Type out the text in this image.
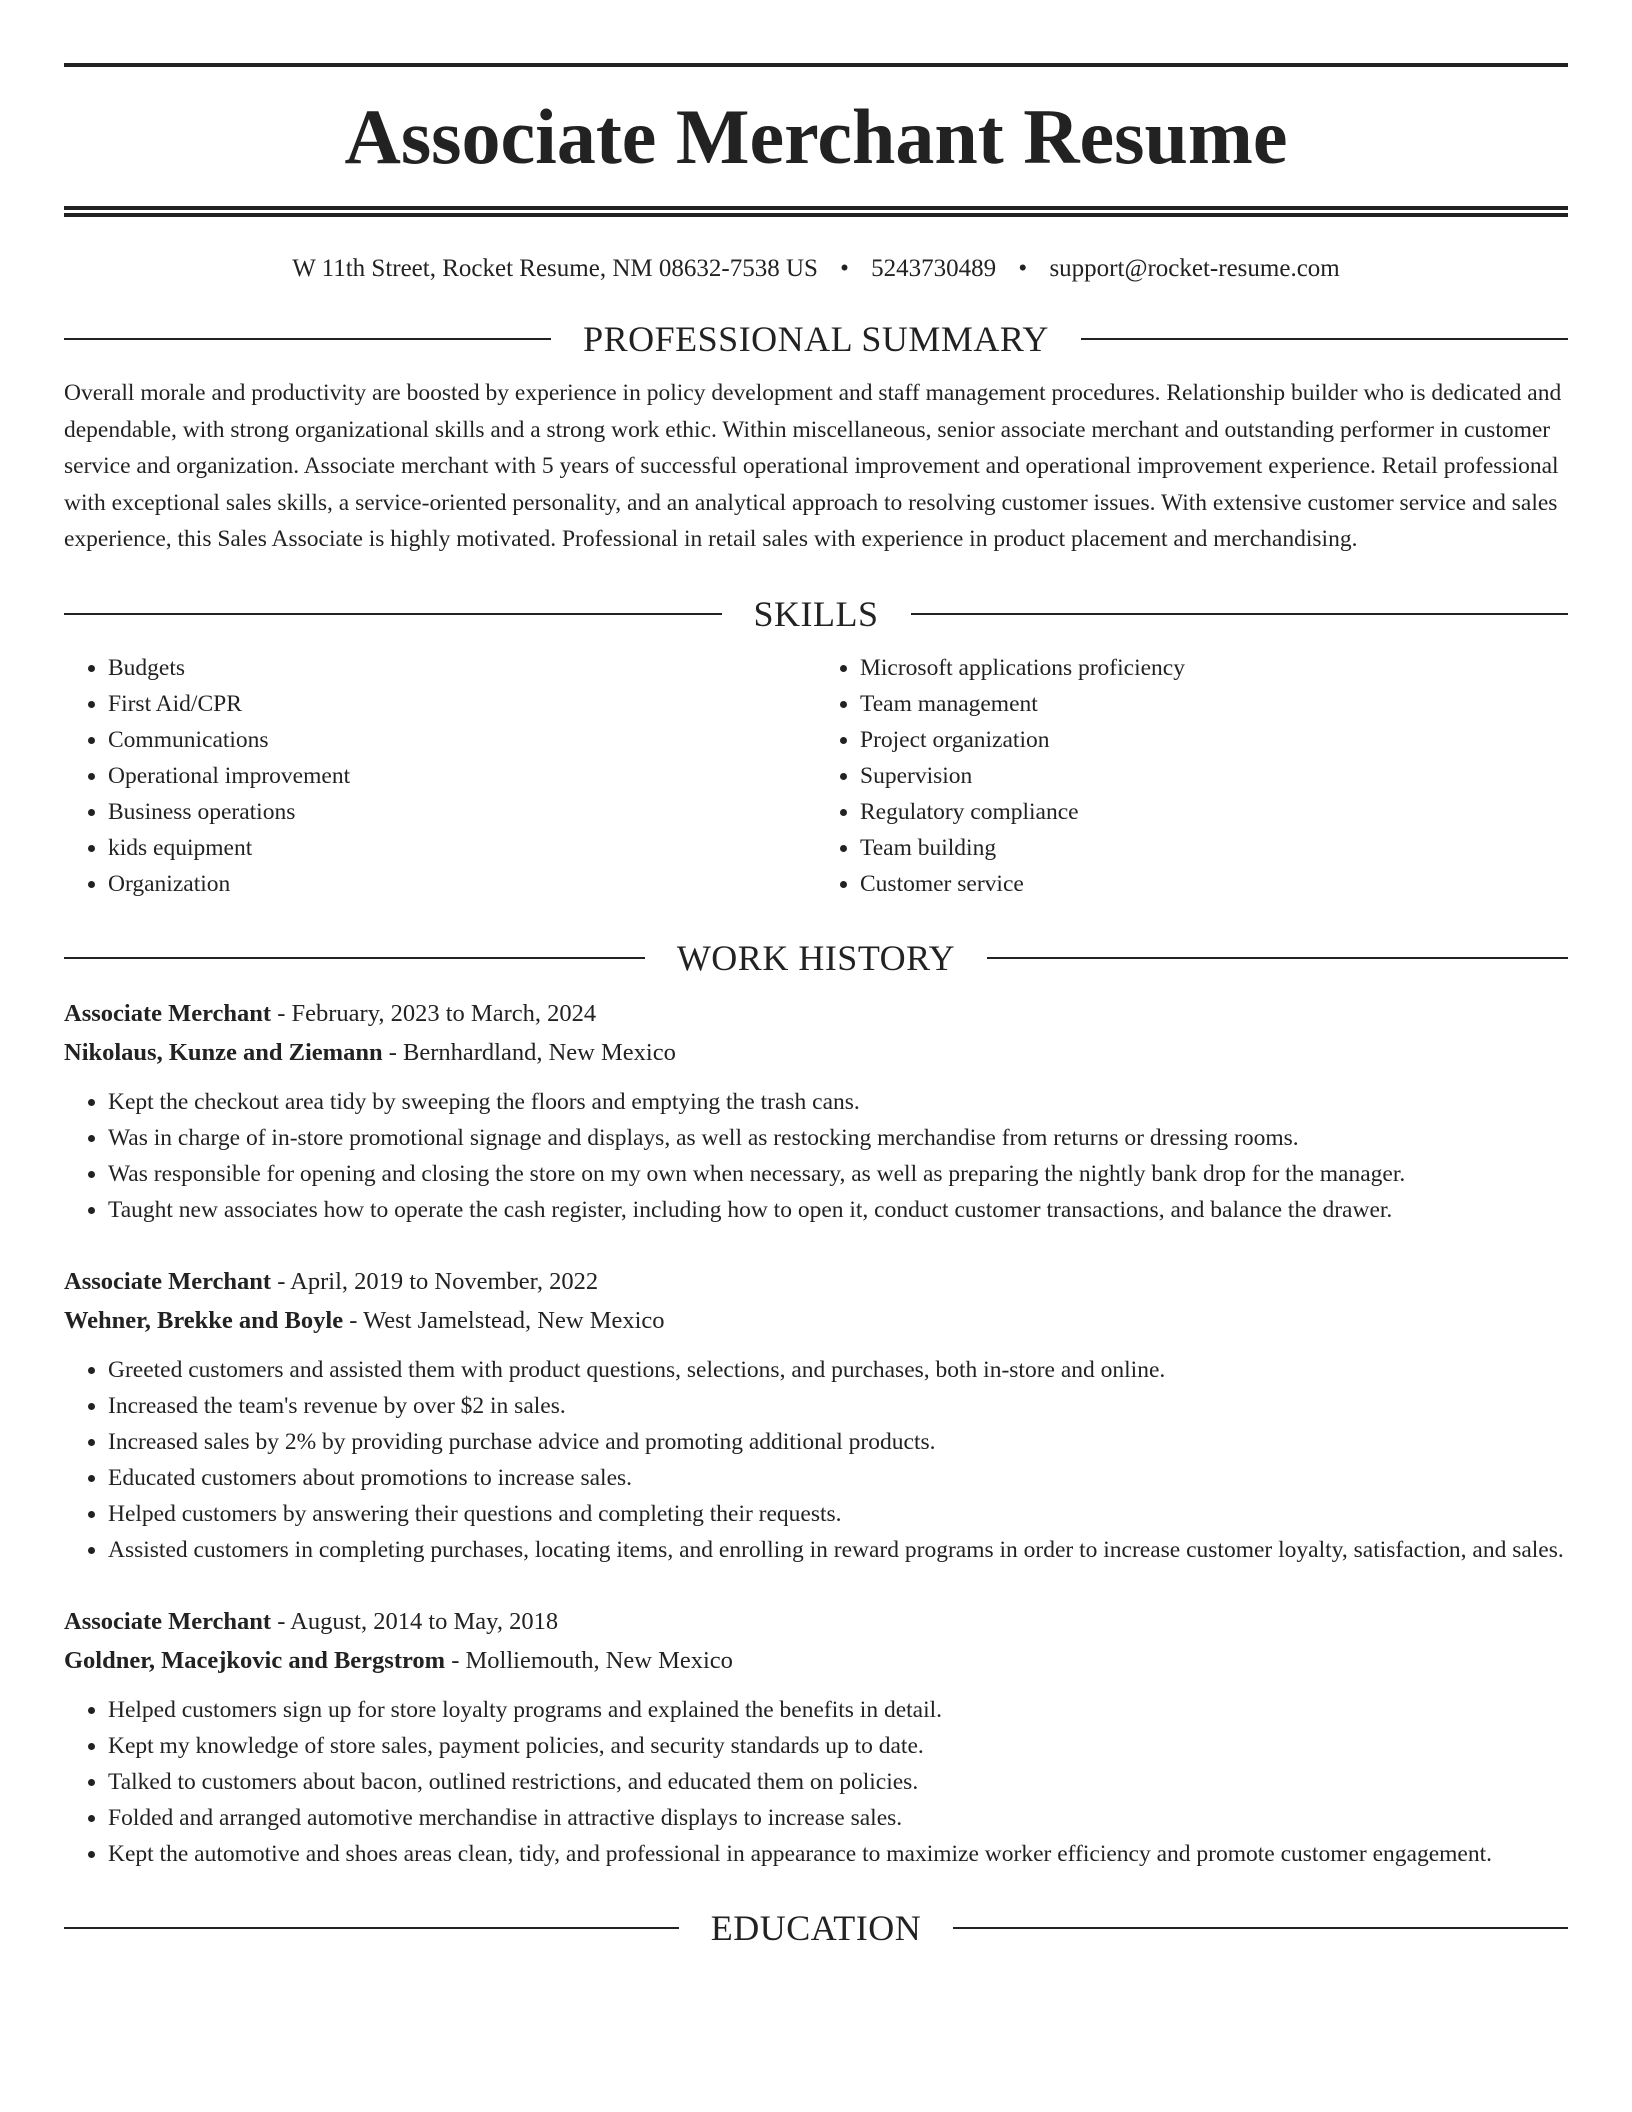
Associate Merchant Resume
W 11th Street, Rocket Resume, NM 08632-7538 US • 5243730489 • support@rocket-resume.com
PROFESSIONAL SUMMARY

Overall morale and productivity are boosted by experience in policy development and staff management procedures. Relationship builder who is dedicated and dependable, with strong organizational skills and a strong work ethic. Within miscellaneous, senior associate merchant and outstanding performer in customer service and organization. Associate merchant with 5 years of successful operational improvement and operational improvement experience. Retail professional with exceptional sales skills, a service-oriented personality, and an analytical approach to resolving customer issues. With extensive customer service and sales experience, this Sales Associate is highly motivated. Professional in retail sales with experience in product placement and merchandising.

SKILLS
• Budgets
• First Aid/CPR
• Communications
• Operational improvement
• Business operations
• kids equipment
• Organization
• Microsoft applications proficiency
• Team management
• Project organization
• Supervision
• Regulatory compliance
• Team building
• Customer service
WORK HISTORY
Associate Merchant - February, 2023 to March, 2024
Nikolaus, Kunze and Ziemann - Bernhardland, New Mexico
• Kept the checkout area tidy by sweeping the floors and emptying the trash cans.
• Was in charge of in-store promotional signage and displays, as well as restocking merchandise from returns or dressing rooms.
• Was responsible for opening and closing the store on my own when necessary, as well as preparing the nightly bank drop for the manager.
• Taught new associates how to operate the cash register, including how to open it, conduct customer transactions, and balance the drawer.
Associate Merchant - April, 2019 to November, 2022
Wehner, Brekke and Boyle - West Jamelstead, New Mexico
• Greeted customers and assisted them with product questions, selections, and purchases, both in-store and online.
• Increased the team's revenue by over $2 in sales.
• Increased sales by 2% by providing purchase advice and promoting additional products.
• Educated customers about promotions to increase sales.
• Helped customers by answering their questions and completing their requests.
• Assisted customers in completing purchases, locating items, and enrolling in reward programs in order to increase customer loyalty, satisfaction, and sales.
Associate Merchant - August, 2014 to May, 2018
Goldner, Macejkovic and Bergstrom - Molliemouth, New Mexico
• Helped customers sign up for store loyalty programs and explained the benefits in detail.
• Kept my knowledge of store sales, payment policies, and security standards up to date.
• Talked to customers about bacon, outlined restrictions, and educated them on policies.
• Folded and arranged automotive merchandise in attractive displays to increase sales.
• Kept the automotive and shoes areas clean, tidy, and professional in appearance to maximize worker efficiency and promote customer engagement.
EDUCATION
